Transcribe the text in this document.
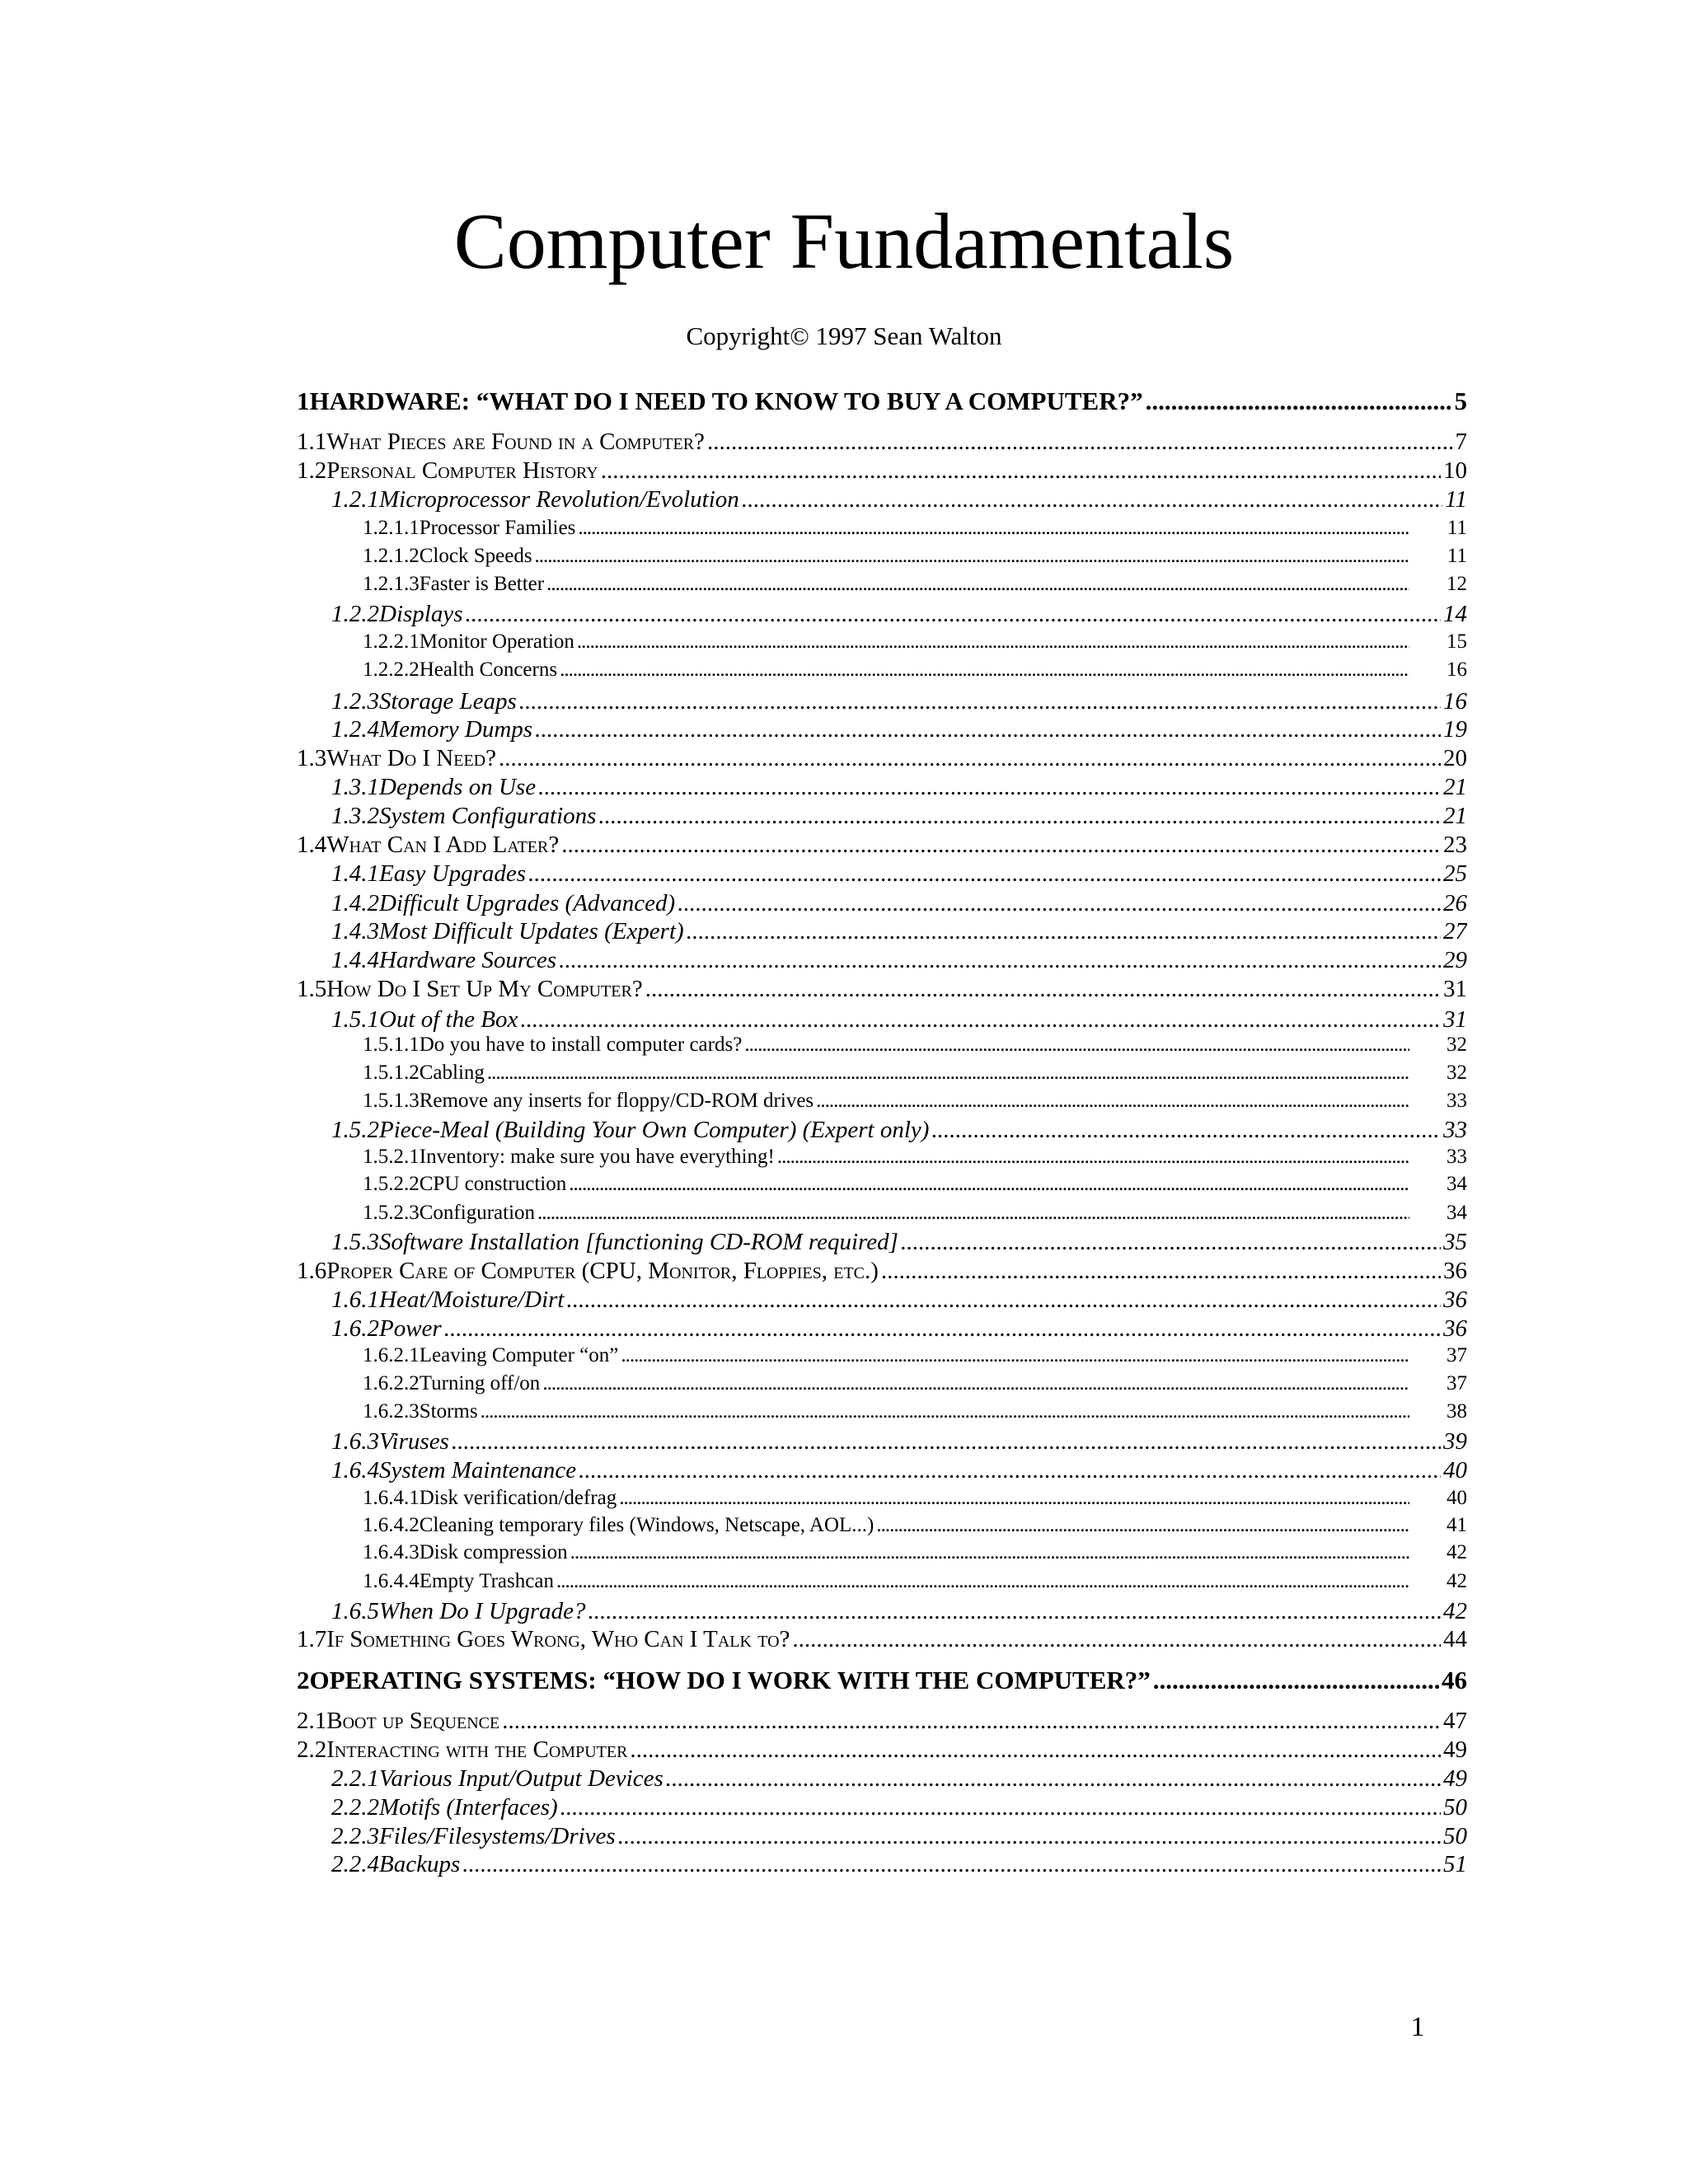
Computer Fundamentals
Copyright© 1997 Sean Walton
1HARDWARE: “WHAT DO I NEED TO KNOW TO BUY A COMPUTER?” .....	5
1.1What Pieces are Found in a Computer? .....	7
1.2Personal Computer History .....	10
1.2.1Microprocessor Revolution/Evolution .....	11
1.2.1.1Processor Families .....	11
1.2.1.2Clock Speeds .....	11
1.2.1.3Faster is Better .....	12
1.2.2Displays .....	14
1.2.2.1Monitor Operation .....	15
1.2.2.2Health Concerns .....	16
1.2.3Storage Leaps .....	16
1.2.4Memory Dumps .....	19
1.3What Do I Need? .....	20
1.3.1Depends on Use .....	21
1.3.2System Configurations .....	21
1.4What Can I Add Later? .....	23
1.4.1Easy Upgrades .....	25
1.4.2Difficult Upgrades (Advanced) .....	26
1.4.3Most Difficult Updates (Expert) .....	27
1.4.4Hardware Sources .....	29
1.5How Do I Set Up My Computer? .....	31
1.5.1Out of the Box .....	31
1.5.1.1Do you have to install computer cards? .....	32
1.5.1.2Cabling .....	32
1.5.1.3Remove any inserts for floppy/CD-ROM drives .....	33
1.5.2Piece-Meal (Building Your Own Computer) (Expert only) .....	33
1.5.2.1Inventory: make sure you have everything! .....	33
1.5.2.2CPU construction .....	34
1.5.2.3Configuration .....	34
1.5.3Software Installation [functioning CD-ROM required] .....	35
1.6Proper Care of Computer (CPU, Monitor, Floppies, etc.) .....	36
1.6.1Heat/Moisture/Dirt .....	36
1.6.2Power .....	36
1.6.2.1Leaving Computer “on” .....	37
1.6.2.2Turning off/on .....	37
1.6.2.3Storms .....	38
1.6.3Viruses .....	39
1.6.4System Maintenance .....	40
1.6.4.1Disk verification/defrag .....	40
1.6.4.2Cleaning temporary files (Windows, Netscape, AOL...) .....	41
1.6.4.3Disk compression .....	42
1.6.4.4Empty Trashcan .....	42
1.6.5When Do I Upgrade? .....	42
1.7If Something Goes Wrong, Who Can I Talk to? .....	44
2OPERATING SYSTEMS: “HOW DO I WORK WITH THE COMPUTER?” .....	46
2.1Boot up Sequence .....	47
2.2Interacting with the Computer .....	49
2.2.1Various Input/Output Devices .....	49
2.2.2Motifs (Interfaces) .....	50
2.2.3Files/Filesystems/Drives .....	50
2.2.4Backups .....	51
1
